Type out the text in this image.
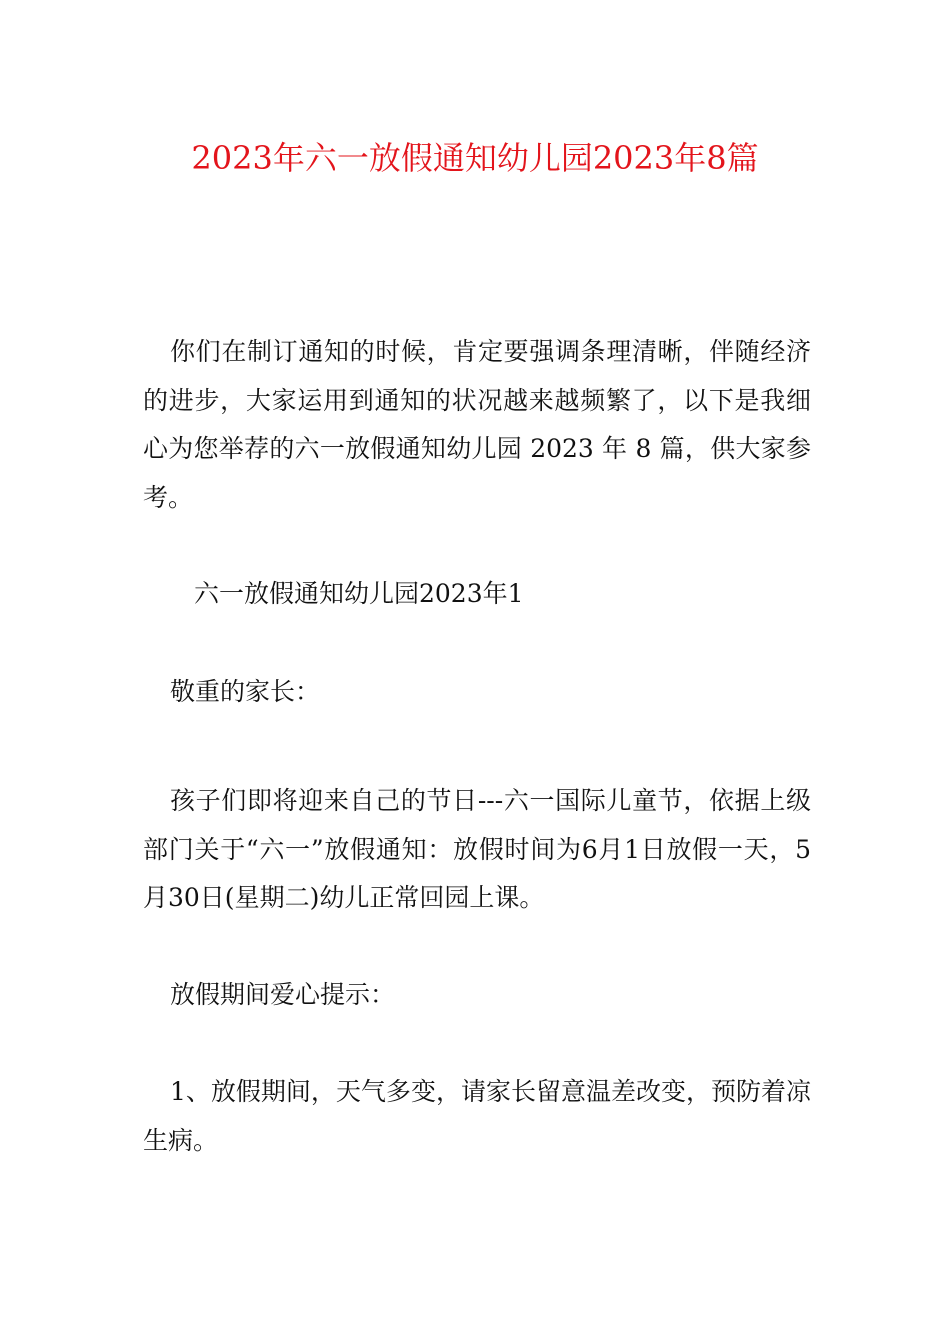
2023年六一放假通知幼儿园2023年8篇

你们在制订通知的时候，肯定要强调条理清晰，伴随经济的进步，大家运用到通知的状况越来越频繁了，以下是我细心为您举荐的六一放假通知幼儿园 2023 年 8 篇，供大家参考。

六一放假通知幼儿园2023年1

敬重的家长：

孩子们即将迎来自己的节日---六一国际儿童节，依据上级部门关于“六一”放假通知：放假时间为6月1日放假一天，5月30日(星期二)幼儿正常回园上课。

放假期间爱心提示：

1、放假期间，天气多变，请家长留意温差改变，预防着凉生病。
